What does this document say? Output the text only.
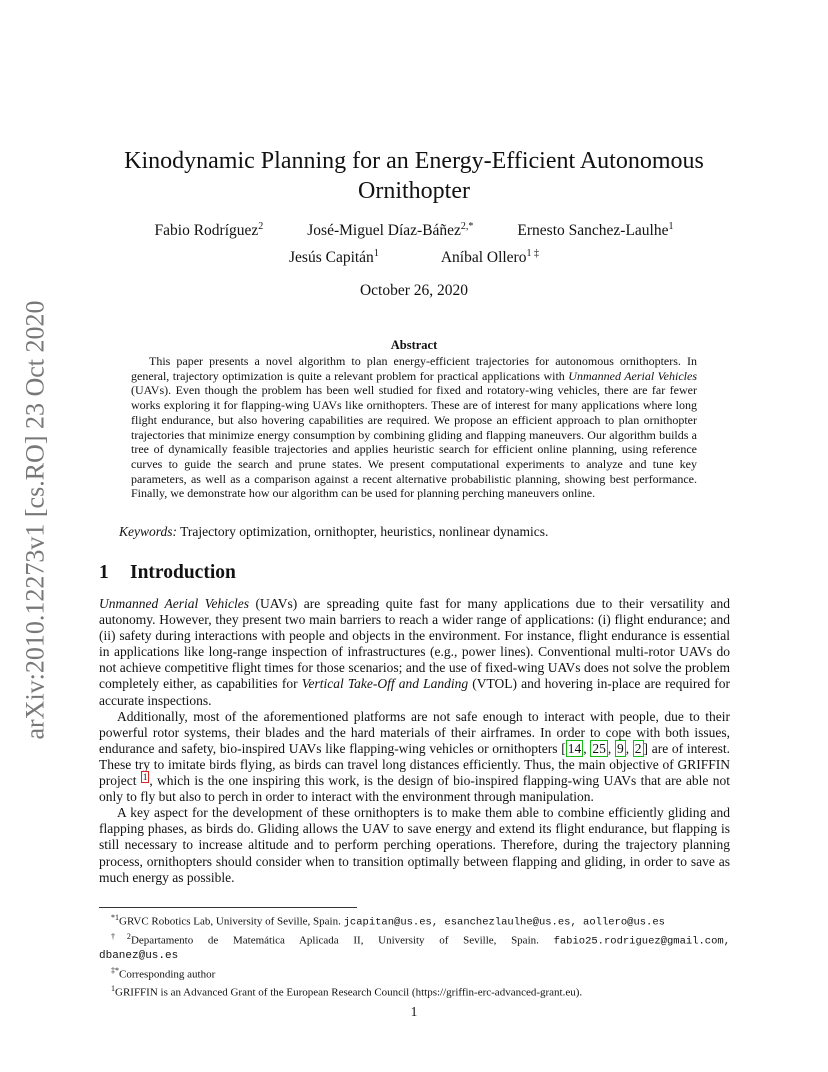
arXiv:2010.12273v1 [cs.RO] 23 Oct 2020
Kinodynamic Planning for an Energy-Efficient Autonomous
Ornithopter
Fabio Rodríguez$^2$	José-Miguel Díaz-Báñez$^{2,*}$	Ernesto Sanchez-Laulhe$^1$
Jesús Capitán$^1$	Aníbal Ollero$^{1 \ddagger}$
October 26, 2020
Abstract
This paper presents a novel algorithm to plan energy-efficient trajectories for autonomous ornithopters. In general, trajectory optimization is quite a relevant problem for practical applications with Unmanned Aerial Vehicles (UAVs). Even though the problem has been well studied for fixed and rotatory-wing vehicles, there are far fewer works exploring it for flapping-wing UAVs like ornithopters. These are of interest for many applications where long flight endurance, but also hovering capabilities are required. We propose an efficient approach to plan ornithopter trajectories that minimize energy consumption by combining gliding and flapping maneuvers. Our algorithm builds a tree of dynamically feasible trajectories and applies heuristic search for efficient online planning, using reference curves to guide the search and prune states. We present computational experiments to analyze and tune key parameters, as well as a comparison against a recent alternative probabilistic planning, showing best performance. Finally, we demonstrate how our algorithm can be used for planning perching maneuvers online.
Keywords: Trajectory optimization, ornithopter, heuristics, nonlinear dynamics.
1 Introduction

Unmanned Aerial Vehicles (UAVs) are spreading quite fast for many applications due to their versatility and autonomy. However, they present two main barriers to reach a wider range of applications: (i) flight endurance; and (ii) safety during interactions with people and objects in the environment. For instance, flight endurance is essential in applications like long-range inspection of infrastructures (e.g., power lines). Conventional multi-rotor UAVs do not achieve competitive flight times for those scenarios; and the use of fixed-wing UAVs does not solve the problem completely either, as capabilities for Vertical Take-Off and Landing (VTOL) and hovering in-place are required for accurate inspections.

Additionally, most of the aforementioned platforms are not safe enough to interact with people, due to their powerful rotor systems, their blades and the hard materials of their airframes. In order to cope with both issues, endurance and safety, bio-inspired UAVs like flapping-wing vehicles or ornithopters [ 14 , 25 , 9 , 2 ] are of interest. These try to imitate birds flying, as birds can travel long distances efficiently. Thus, the main objective of GRIFFIN project $^1$ , which is the one inspiring this work, is the design of bio-inspired flapping-wing UAVs that are able not only to fly but also to perch in order to interact with the environment through manipulation.

A key aspect for the development of these ornithopters is to make them able to combine efficiently gliding and flapping phases, as birds do. Gliding allows the UAV to save energy and extend its flight endurance, but flapping is still necessary to increase altitude and to perform perching operations. Therefore, during the trajectory planning process, ornithopters should consider when to transition optimally between flapping and gliding, in order to save as much energy as possible.

$^{*1}$GRVC Robotics Lab, University of Seville, Spain. jcapitan@us.es, esanchezlaulhe@us.es, aollero@us.es
$^{\dagger 2}$Departamento de Matemática Aplicada II, University of Seville, Spain. fabio25.rodriguez@gmail.com,
dbanez@us.es
‡*Corresponding author
$^1$GRIFFIN is an Advanced Grant of the European Research Council (https://griffin-erc-advanced-grant.eu).
1
